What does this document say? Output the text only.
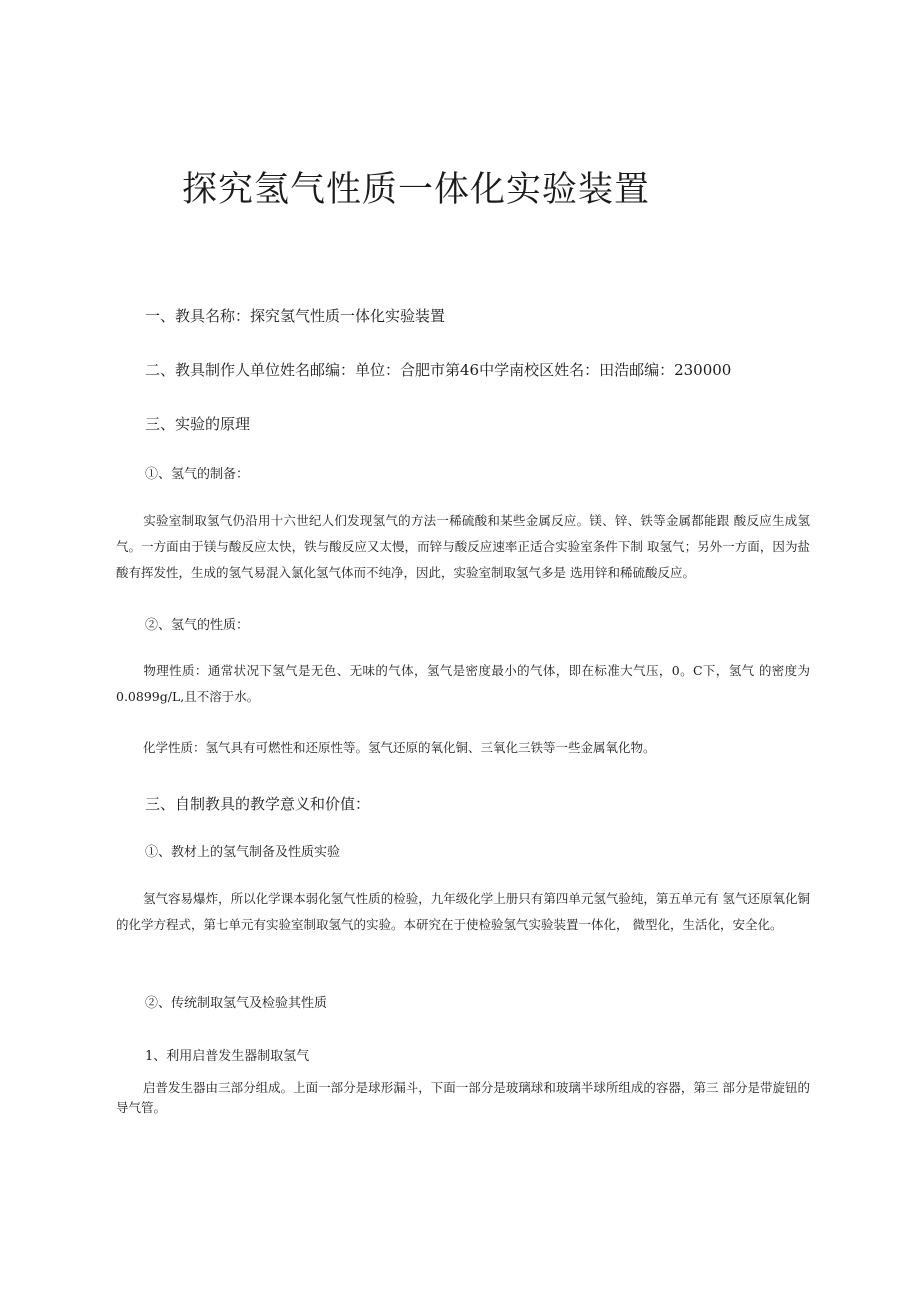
探究氢气性质一体化实验装置

一、教具名称：探究氢气性质一体化实验装置

二、教具制作人单位姓名邮编：单位：合肥市第46中学南校区姓名：田浩邮编：230000

三、实验的原理

①、氢气的制备：

实验室制取氢气仍沿用十六世纪人们发现氢气的方法一稀硫酸和某些金属反应。镁、锌、铁等金属都能跟 酸反应生成氢气。一方面由于镁与酸反应太快，铁与酸反应又太慢，而锌与酸反应速率正适合实验室条件下制 取氢气；另外一方面，因为盐酸有挥发性，生成的氢气易混入氯化氢气体而不纯净，因此，实验室制取氢气多是 选用锌和稀硫酸反应。

②、氢气的性质：

物理性质：通常状况下氢气是无色、无味的气体，氢气是密度最小的气体，即在标准大气压，0。C下，氢气 的密度为0.0899g∕L,且不溶于水。

化学性质：氢气具有可燃性和还原性等。氢气还原的氧化铜、三氧化三铁等一些金属氧化物。

三、自制教具的教学意义和价值：

①、教材上的氢气制备及性质实验

氢气容易爆炸，所以化学课本弱化氢气性质的检验，九年级化学上册只有第四单元氢气验纯，第五单元有 氢气还原氧化铜的化学方程式，第七单元有实验室制取氢气的实验。本研究在于使检验氢气实验装置一体化， 微型化，生活化，安全化。

②、传统制取氢气及检验其性质

1、利用启普发生器制取氢气

启普发生器由三部分组成。上面一部分是球形漏斗，下面一部分是玻璃球和玻璃半球所组成的容器，第三 部分是带旋钮的导气管。
